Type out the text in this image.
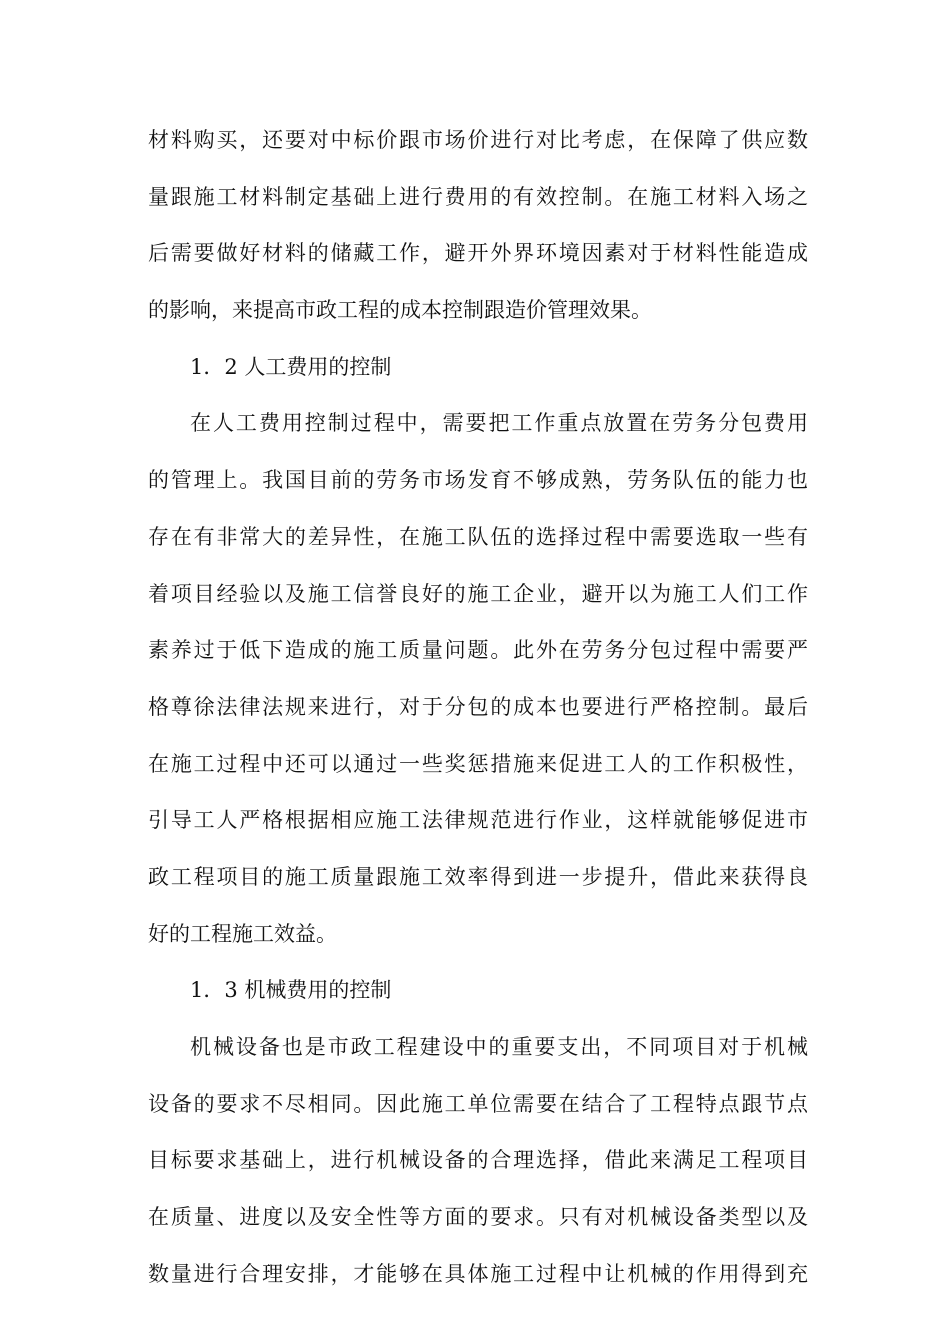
材料购买，还要对中标价跟市场价进行对比考虑，在保障了供应数
量跟施工材料制定基础上进行费用的有效控制。在施工材料入场之
后需要做好材料的储藏工作，避开外界环境因素对于材料性能造成
的影响，来提高市政工程的成本控制跟造价管理效果。
1．2 人工费用的控制
在人工费用控制过程中，需要把工作重点放置在劳务分包费用
的管理上。我国目前的劳务市场发育不够成熟，劳务队伍的能力也
存在有非常大的差异性，在施工队伍的选择过程中需要选取一些有
着项目经验以及施工信誉良好的施工企业，避开以为施工人们工作
素养过于低下造成的施工质量问题。此外在劳务分包过程中需要严
格尊徐法律法规来进行，对于分包的成本也要进行严格控制。最后
在施工过程中还可以通过一些奖惩措施来促进工人的工作积极性，
引导工人严格根据相应施工法律规范进行作业，这样就能够促进市
政工程项目的施工质量跟施工效率得到进一步提升，借此来获得良
好的工程施工效益。
1．3 机械费用的控制
机械设备也是市政工程建设中的重要支出，不同项目对于机械
设备的要求不尽相同。因此施工单位需要在结合了工程特点跟节点
目标要求基础上，进行机械设备的合理选择，借此来满足工程项目
在质量、进度以及安全性等方面的要求。只有对机械设备类型以及
数量进行合理安排，才能够在具体施工过程中让机械的作用得到充
